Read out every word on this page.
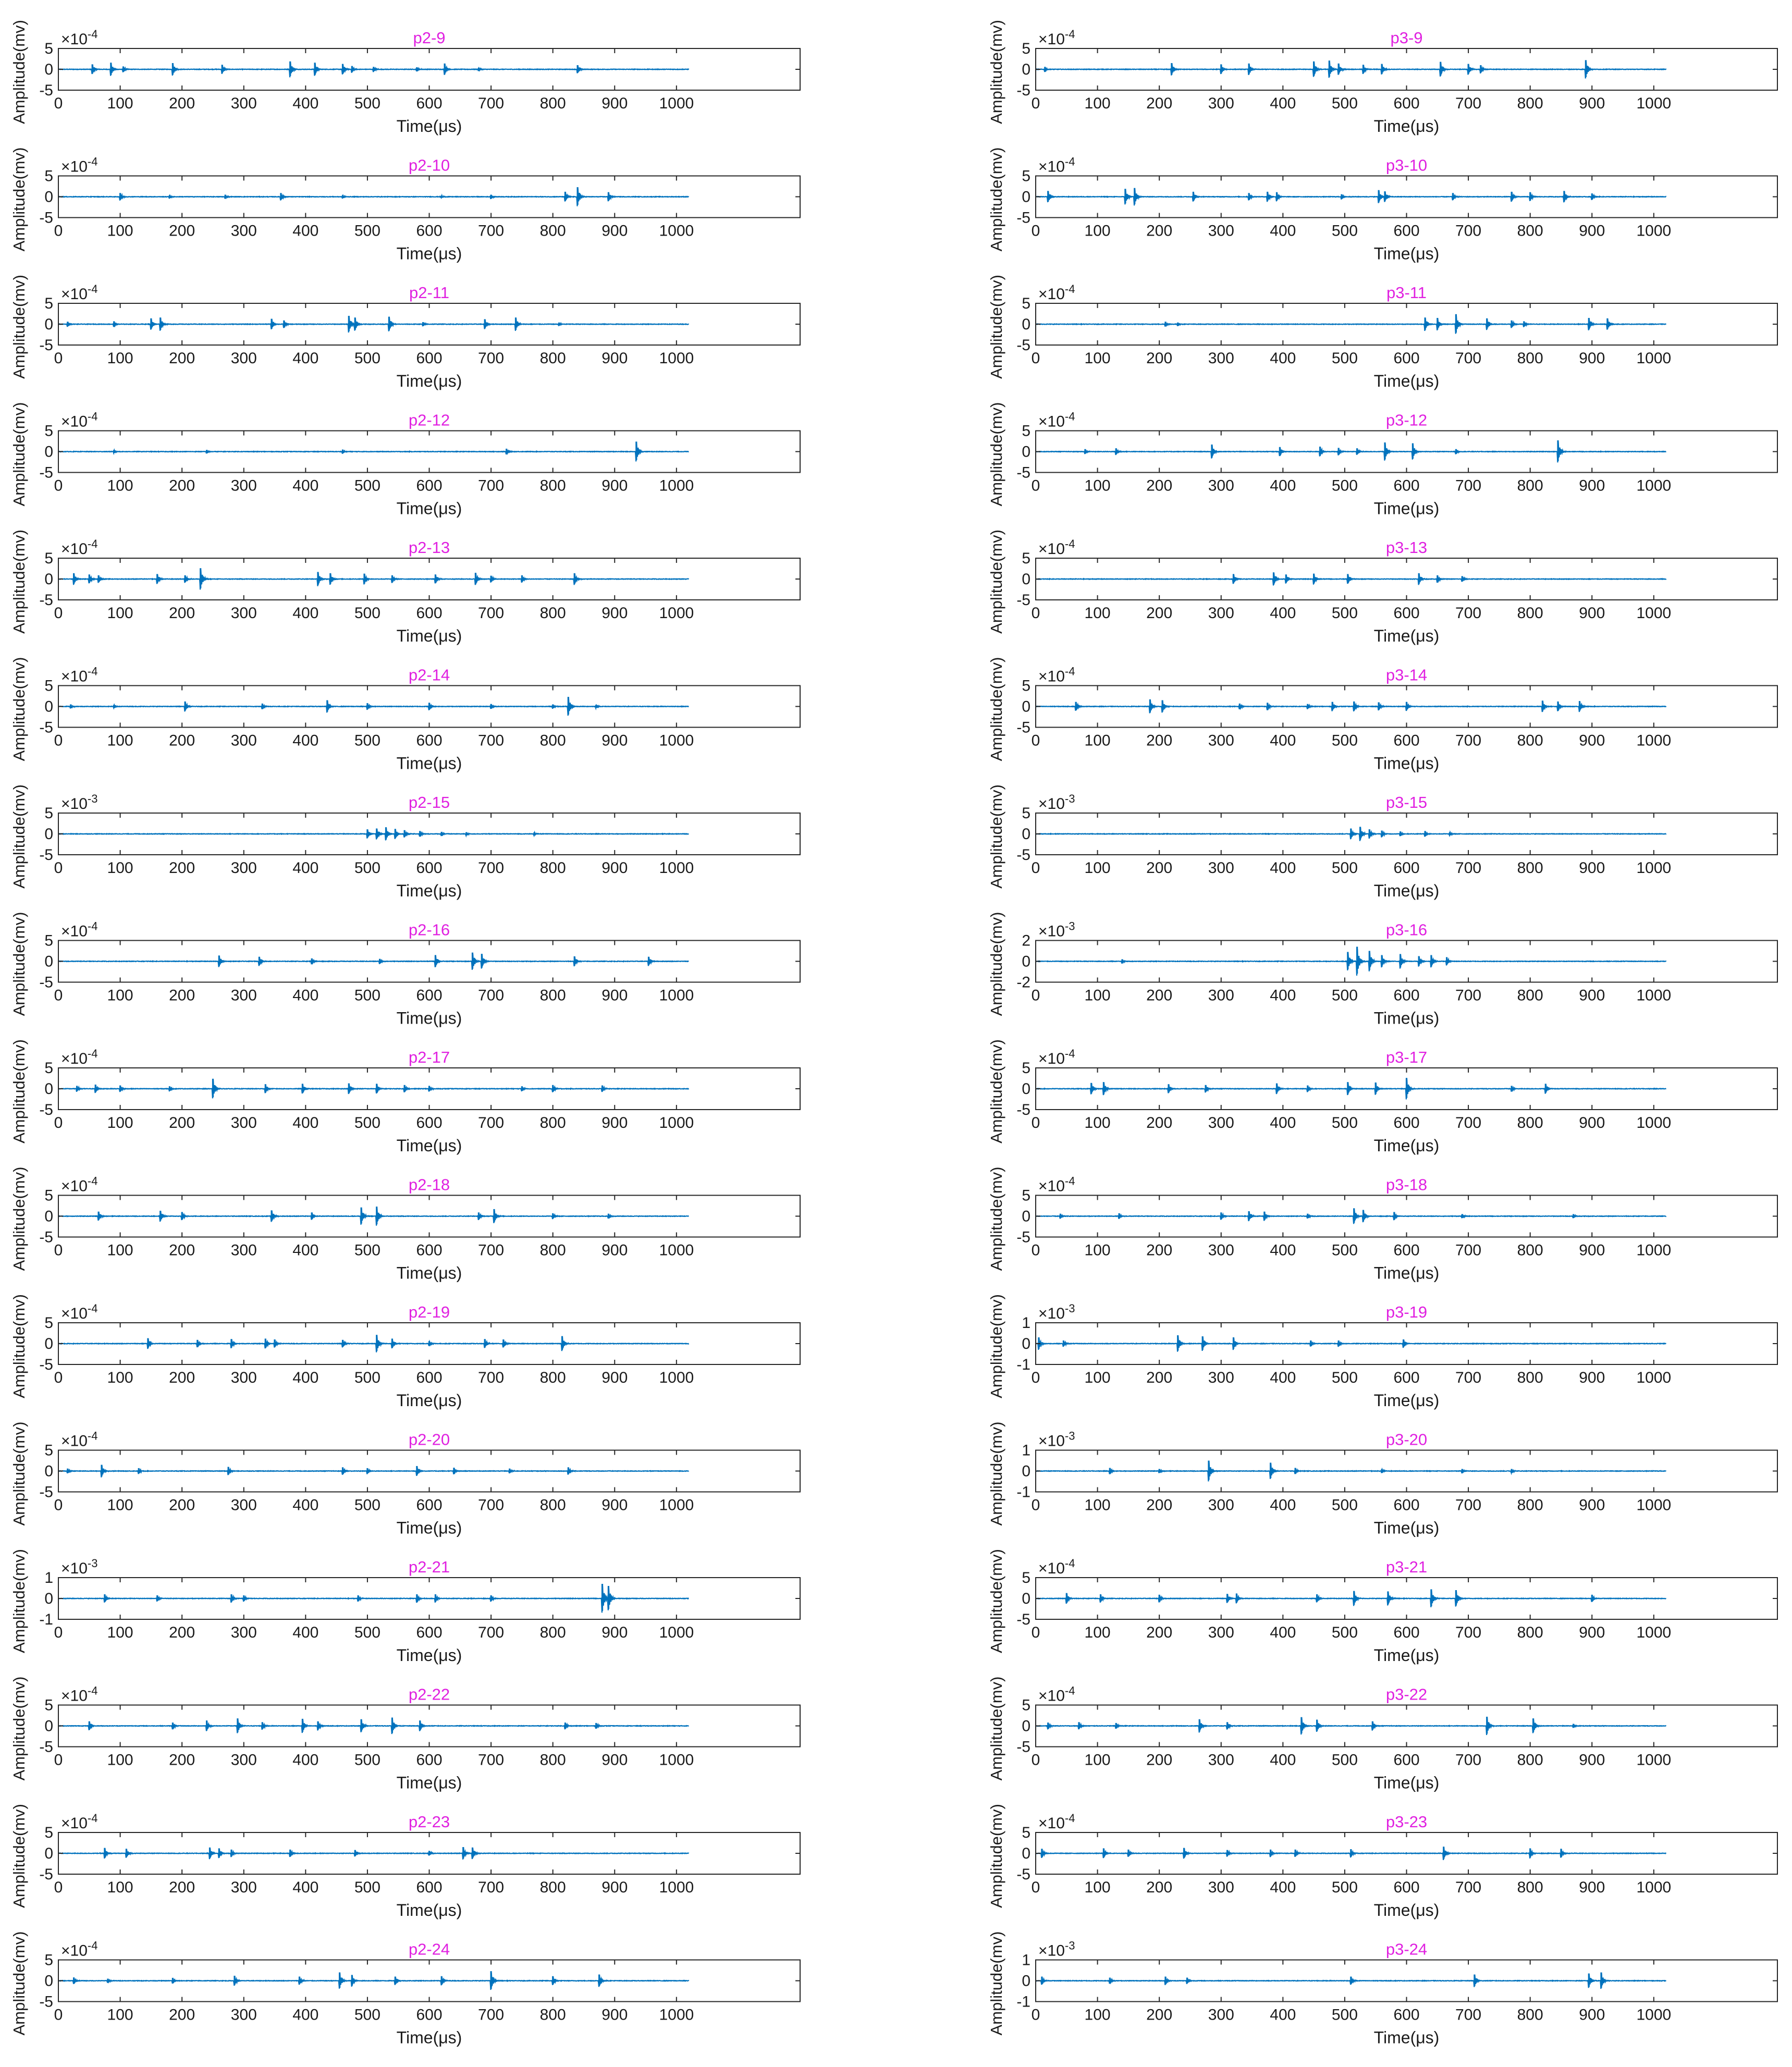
0	100 200 300 400 500 600 700 800 900 1000
5
0
-5
$\times 10^{-4}$	p2-9
Time(μs)
Amplitude(mv)	0	100 200 300 400 500 600 700 800 900 1000
5
0
-5
$\times 10^{-4}$	p3-9
Time(μs)
Amplitude(mv)
0	100 200 300 400 500 600 700 800 900 1000
5
0
-5
$\times 10^{-4}$	p2-10
Time(μs)
Amplitude(mv)	0	100 200 300 400 500 600 700 800 900 1000
5
0
-5
$\times 10^{-4}$	p3-10
Time(μs)
Amplitude(mv)
0	100 200 300 400 500 600 700 800 900 1000
5
0
-5
$\times 10^{-4}$	p2-11
Time(μs)
Amplitude(mv)	0	100 200 300 400 500 600 700 800 900 1000
5
0
-5
$\times 10^{-4}$	p3-11
Time(μs)
Amplitude(mv)
0	100 200 300 400 500 600 700 800 900 1000
5
0
-5
$\times 10^{-4}$	p2-12
Time(μs)
Amplitude(mv)	0	100 200 300 400 500 600 700 800 900 1000
5
0
-5
$\times 10^{-4}$	p3-12
Time(μs)
Amplitude(mv)
0	100 200 300 400 500 600 700 800 900 1000
5
0
-5
$\times 10^{-4}$	p2-13
Time(μs)
Amplitude(mv)	0	100 200 300 400 500 600 700 800 900 1000
5
0
-5
$\times 10^{-4}$	p3-13
Time(μs)
Amplitude(mv)
0	100 200 300 400 500 600 700 800 900 1000
5
0
-5
$\times 10^{-4}$	p2-14
Time(μs)
Amplitude(mv)	0	100 200 300 400 500 600 700 800 900 1000
5
0
-5
$\times 10^{-4}$	p3-14
Time(μs)
Amplitude(mv)
0	100 200 300 400 500 600 700 800 900 1000
5
0
-5
$\times 10^{-3}$	p2-15
Time(μs)
Amplitude(mv)	0	100 200 300 400 500 600 700 800 900 1000
5
0
-5
$\times 10^{-3}$	p3-15
Time(μs)
Amplitude(mv)
0	100 200 300 400 500 600 700 800 900 1000
5
0
-5
$\times 10^{-4}$	p2-16
Time(μs)
Amplitude(mv)	0	100 200 300 400 500 600 700 800 900 1000
2
0
-2
$\times 10^{-3}$	p3-16
Time(μs)
Amplitude(mv)
0	100 200 300 400 500 600 700 800 900 1000
5
0
-5
$\times 10^{-4}$	p2-17
Time(μs)
Amplitude(mv)	0	100 200 300 400 500 600 700 800 900 1000
5
0
-5
$\times 10^{-4}$	p3-17
Time(μs)
Amplitude(mv)
0	100 200 300 400 500 600 700 800 900 1000
5
0
-5
$\times 10^{-4}$	p2-18
Time(μs)
Amplitude(mv)	0	100 200 300 400 500 600 700 800 900 1000
5
0
-5
$\times 10^{-4}$	p3-18
Time(μs)
Amplitude(mv)
0	100 200 300 400 500 600 700 800 900 1000
5
0
-5
$\times 10^{-4}$	p2-19
Time(μs)
Amplitude(mv)	0	100 200 300 400 500 600 700 800 900 1000
1
0
-1
$\times 10^{-3}$	p3-19
Time(μs)
Amplitude(mv)
0	100 200 300 400 500 600 700 800 900 1000
5
0
-5
$\times 10^{-4}$	p2-20
Time(μs)
Amplitude(mv)	0	100 200 300 400 500 600 700 800 900 1000
1
0
-1
$\times 10^{-3}$	p3-20
Time(μs)
Amplitude(mv)
0	100 200 300 400 500 600 700 800 900 1000
1
0
-1
$\times 10^{-3}$	p2-21
Time(μs)
Amplitude(mv)	0	100 200 300 400 500 600 700 800 900 1000
5
0
-5
$\times 10^{-4}$	p3-21
Time(μs)
Amplitude(mv)
0	100 200 300 400 500 600 700 800 900 1000
5
0
-5
$\times 10^{-4}$	p2-22
Time(μs)
Amplitude(mv)	0	100 200 300 400 500 600 700 800 900 1000
5
0
-5
$\times 10^{-4}$	p3-22
Time(μs)
Amplitude(mv)
0	100 200 300 400 500 600 700 800 900 1000
5
0
-5
$\times 10^{-4}$	p2-23
Time(μs)
Amplitude(mv)	0	100 200 300 400 500 600 700 800 900 1000
5
0
-5
$\times 10^{-4}$	p3-23
Time(μs)
Amplitude(mv)
0	100 200 300 400 500 600 700 800 900 1000
5
0
-5
$\times 10^{-4}$	p2-24
Time(μs)
Amplitude(mv)	0	100 200 300 400 500 600 700 800 900 1000
1
0
-1
$\times 10^{-3}$	p3-24
Time(μs)
Amplitude(mv)
